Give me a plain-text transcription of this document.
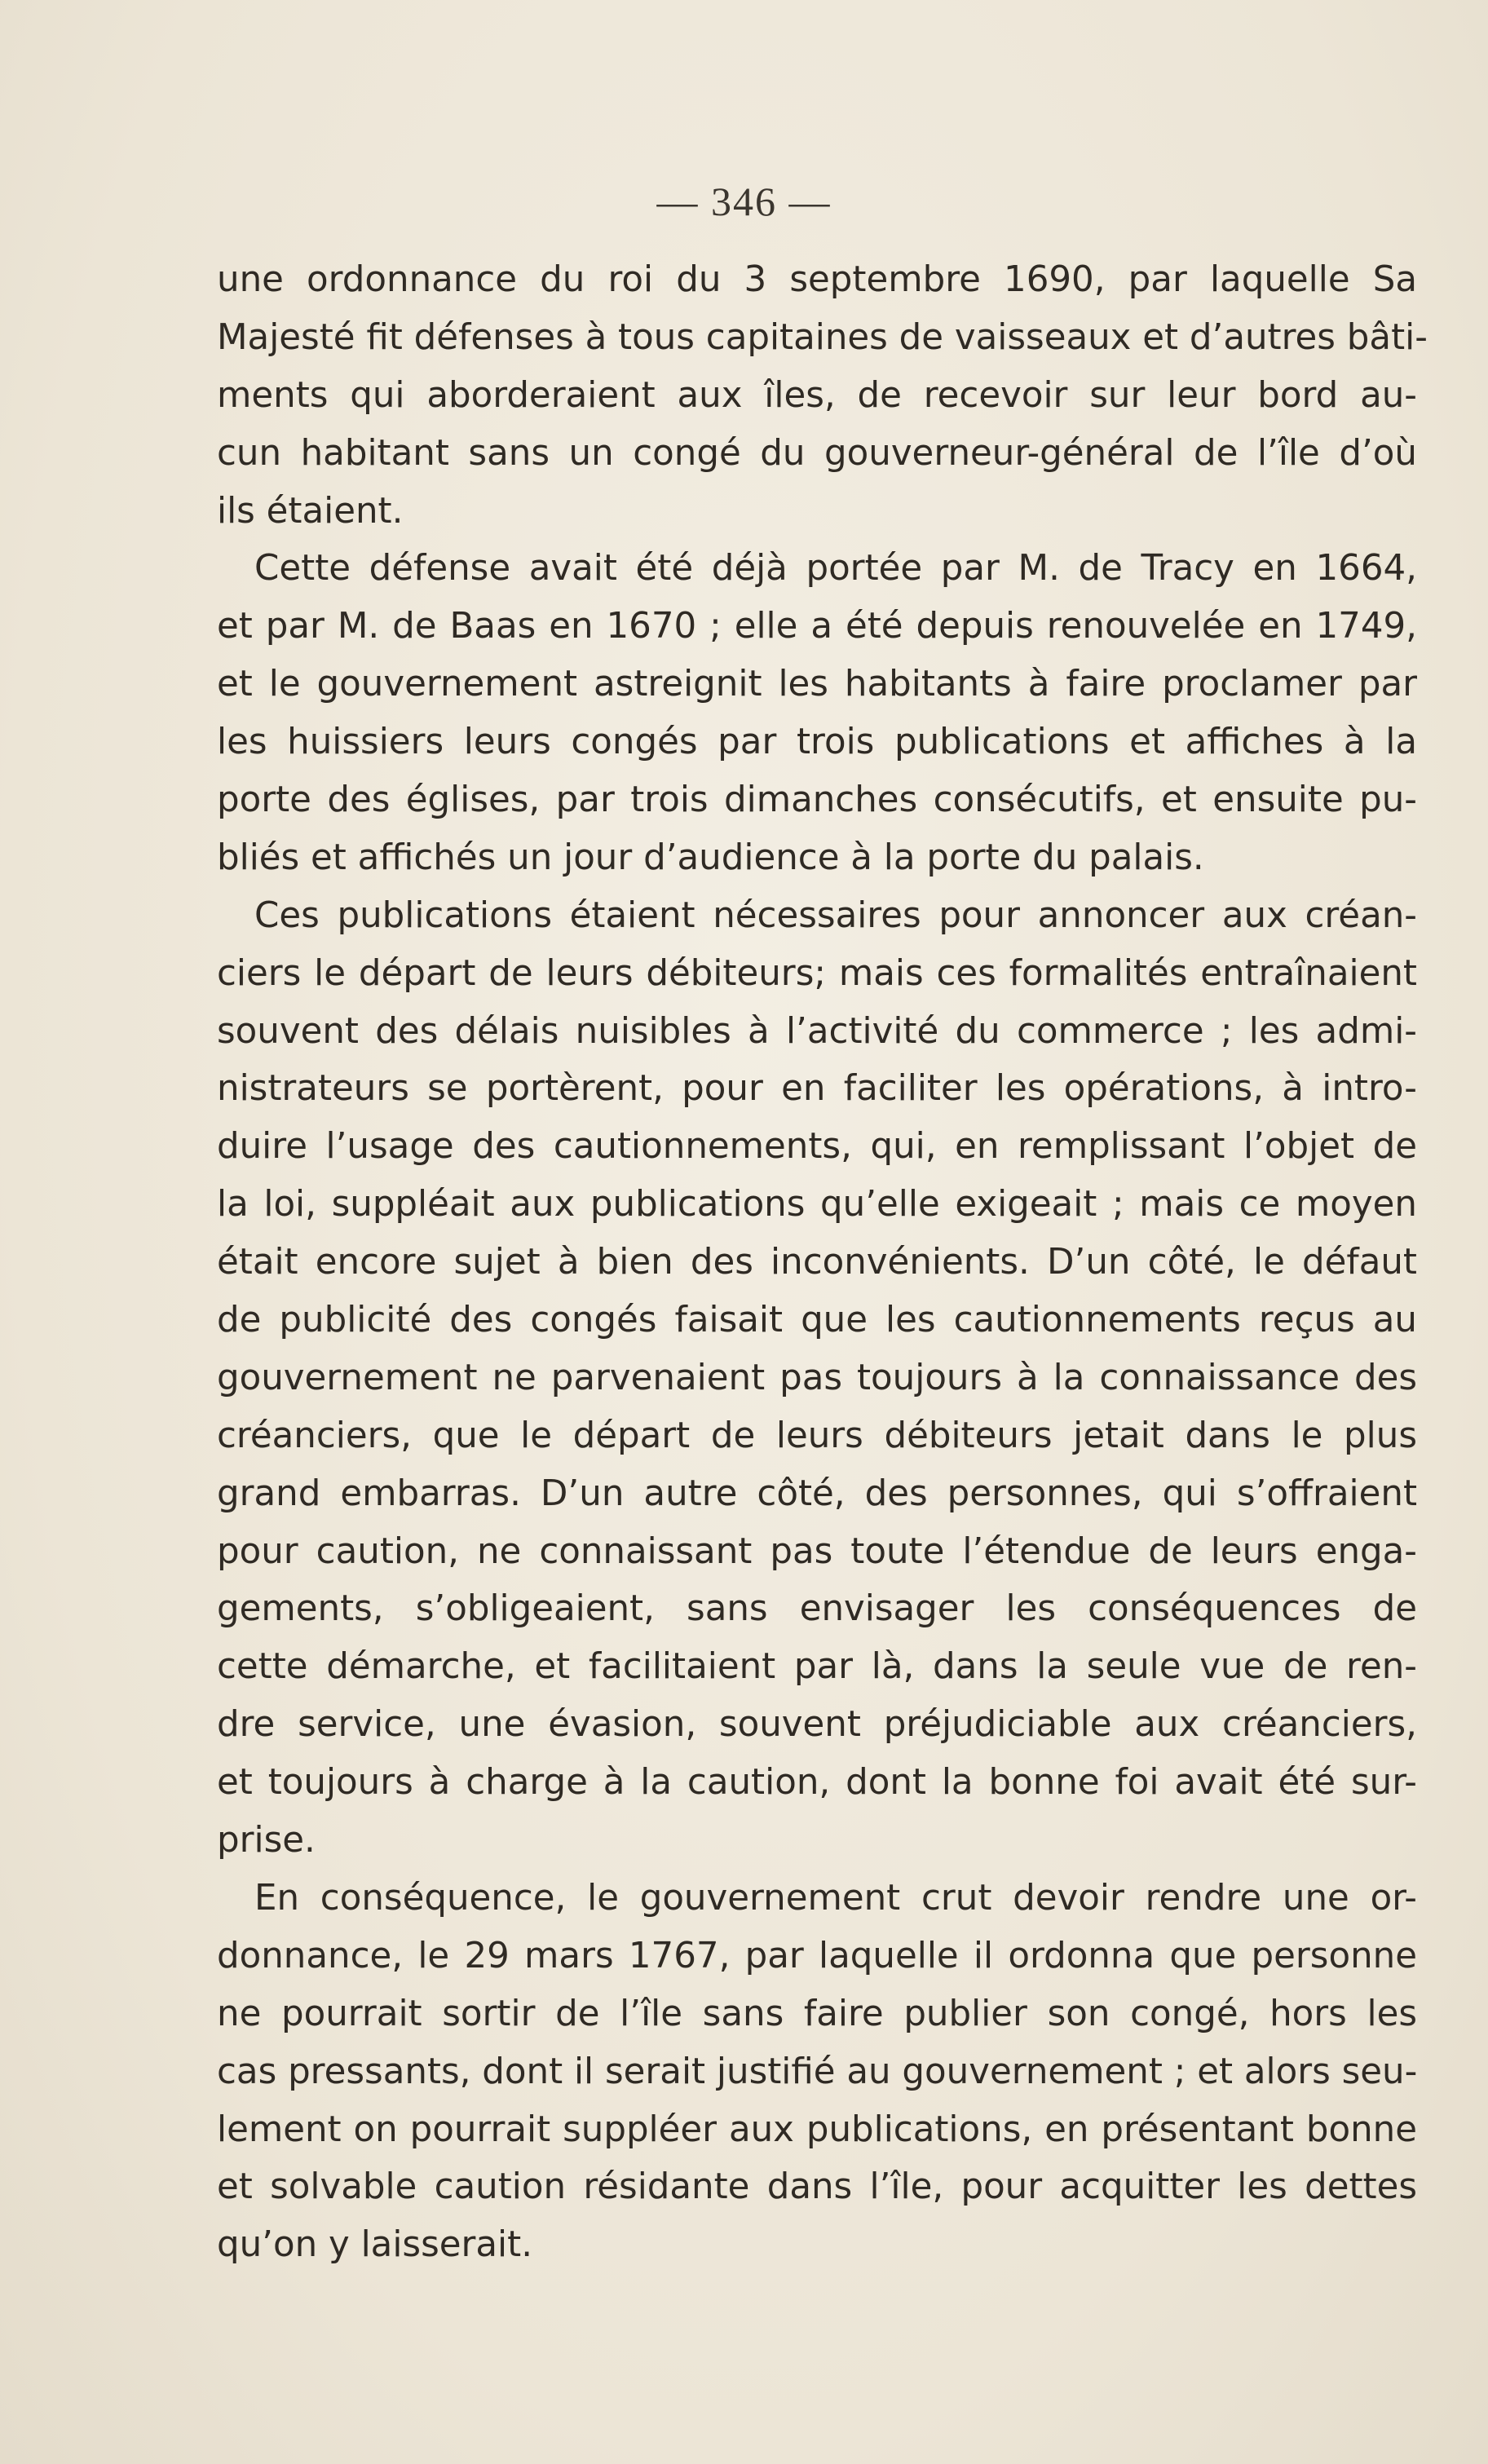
— 346 —
une ordonnance du roi du 3 septembre 1690, par laquelle Sa
Majesté fit défenses à tous capitaines de vaisseaux et d’autres bâti-
ments qui aborderaient aux îles, de recevoir sur leur bord au-
cun habitant sans un congé du gouverneur-général de l’île d’où
ils étaient.
Cette défense avait été déjà portée par M. de Tracy en 1664,
et par M. de Baas en 1670 ; elle a été depuis renouvelée en 1749,
et le gouvernement astreignit les habitants à faire proclamer par
les huissiers leurs congés par trois publications et affiches à la
porte des églises, par trois dimanches consécutifs, et ensuite pu-
bliés et affichés un jour d’audience à la porte du palais.
Ces publications étaient nécessaires pour annoncer aux créan-
ciers le départ de leurs débiteurs; mais ces formalités entraînaient
souvent des délais nuisibles à l’activité du commerce ; les admi-
nistrateurs se portèrent, pour en faciliter les opérations, à intro-
duire l’usage des cautionnements, qui, en remplissant l’objet de
la loi, suppléait aux publications qu’elle exigeait ; mais ce moyen
était encore sujet à bien des inconvénients. D’un côté, le défaut
de publicité des congés faisait que les cautionnements reçus au
gouvernement ne parvenaient pas toujours à la connaissance des
créanciers, que le départ de leurs débiteurs jetait dans le plus
grand embarras. D’un autre côté, des personnes, qui s’offraient
pour caution, ne connaissant pas toute l’étendue de leurs enga-
gements, s’obligeaient, sans envisager les conséquences de
cette démarche, et facilitaient par là, dans la seule vue de ren-
dre service, une évasion, souvent préjudiciable aux créanciers,
et toujours à charge à la caution, dont la bonne foi avait été sur-
prise.
En conséquence, le gouvernement crut devoir rendre une or-
donnance, le 29 mars 1767, par laquelle il ordonna que personne
ne pourrait sortir de l’île sans faire publier son congé, hors les
cas pressants, dont il serait justifié au gouvernement ; et alors seu-
lement on pourrait suppléer aux publications, en présentant bonne
et solvable caution résidante dans l’île, pour acquitter les dettes
qu’on y laisserait.
